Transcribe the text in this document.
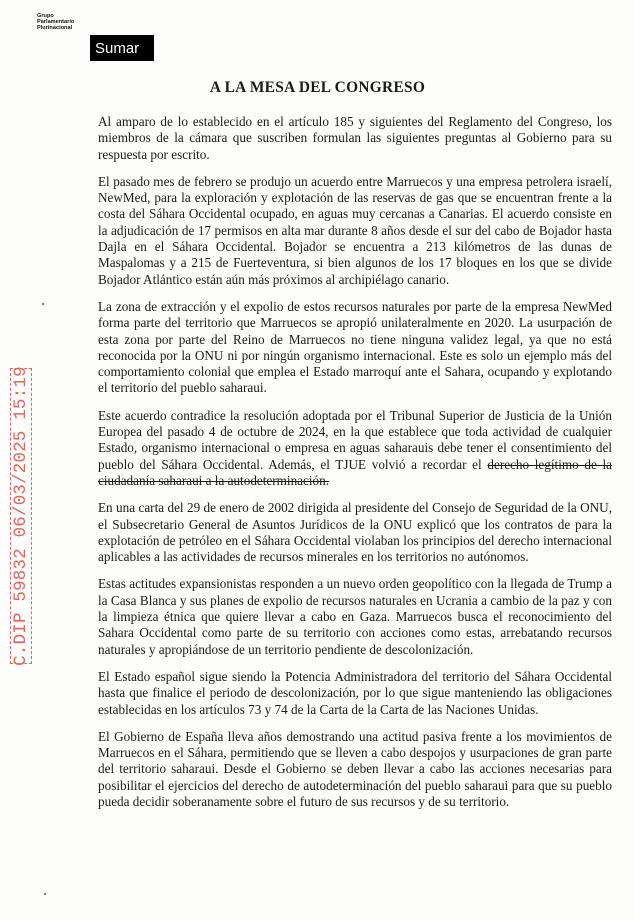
Grupo
Parlamentario
Plurinacional
Sumar
C.DIP 59832 06/03/2025 15:19
A LA MESA DEL CONGRESO

Al amparo de lo establecido en el artículo 185 y siguientes del Reglamento del Congreso, los miembros de la cámara que suscriben formulan las siguientes preguntas al Gobierno para su respuesta por escrito.

El pasado mes de febrero se produjo un acuerdo entre Marruecos y una empresa petrolera israelí, NewMed, para la exploración y explotación de las reservas de gas que se encuentran frente a la costa del Sáhara Occidental ocupado, en aguas muy cercanas a Canarias. El acuerdo consiste en la adjudicación de 17 permisos en alta mar durante 8 años desde el sur del cabo de Bojador hasta Dajla en el Sáhara Occidental. Bojador se encuentra a 213 kilómetros de las dunas de Maspalomas y a 215 de Fuerteventura, si bien algunos de los 17 bloques en los que se divide Bojador Atlántico están aún más próximos al archipiélago canario.

La zona de extracción y el expolio de estos recursos naturales por parte de la empresa NewMed forma parte del territorio que Marruecos se apropió unilateralmente en 2020. La usurpación de esta zona por parte del Reino de Marruecos no tiene ninguna validez legal, ya que no está reconocida por la ONU ni por ningún organismo internacional. Este es solo un ejemplo más del comportamiento colonial que emplea el Estado marroquí ante el Sahara, ocupando y explotando el territorio del pueblo saharaui.

Este acuerdo contradice la resolución adoptada por el Tribunal Superior de Justicia de la Unión Europea del pasado 4 de octubre de 2024, en la que establece que toda actividad de cualquier Estado, organismo internacional o empresa en aguas saharauis debe tener el consentimiento del pueblo del Sáhara Occidental. Además, el TJUE volvió a recordar el derecho legítimo de la ciudadanía saharaui a la autodeterminación.

En una carta del 29 de enero de 2002 dirigida al presidente del Consejo de Seguridad de la ONU, el Subsecretario General de Asuntos Jurídicos de la ONU explicó que los contratos de para la explotación de petróleo en el Sáhara Occidental violaban los principios del derecho internacional aplicables a las actividades de recursos minerales en los territorios no autónomos.

Estas actitudes expansionistas responden a un nuevo orden geopolítico con la llegada de Trump a la Casa Blanca y sus planes de expolio de recursos naturales en Ucrania a cambio de la paz y con la limpieza étnica que quiere llevar a cabo en Gaza. Marruecos busca el reconocimiento del Sahara Occidental como parte de su territorio con acciones como estas, arrebatando recursos naturales y apropiándose de un territorio pendiente de descolonización.

El Estado español sigue siendo la Potencia Administradora del territorio del Sáhara Occidental hasta que finalice el periodo de descolonización, por lo que sigue manteniendo las obligaciones establecidas en los artículos 73 y 74 de la Carta de la Carta de las Naciones Unidas.

El Gobierno de España lleva años demostrando una actitud pasiva frente a los movimientos de Marruecos en el Sáhara, permitiendo que se lleven a cabo despojos y usurpaciones de gran parte del territorio saharaui. Desde el Gobierno se deben llevar a cabo las acciones necesarias para posibilitar el ejercicios del derecho de autodeterminación del pueblo saharaui para que su pueblo pueda decidir soberanamente sobre el futuro de sus recursos y de su territorio.
